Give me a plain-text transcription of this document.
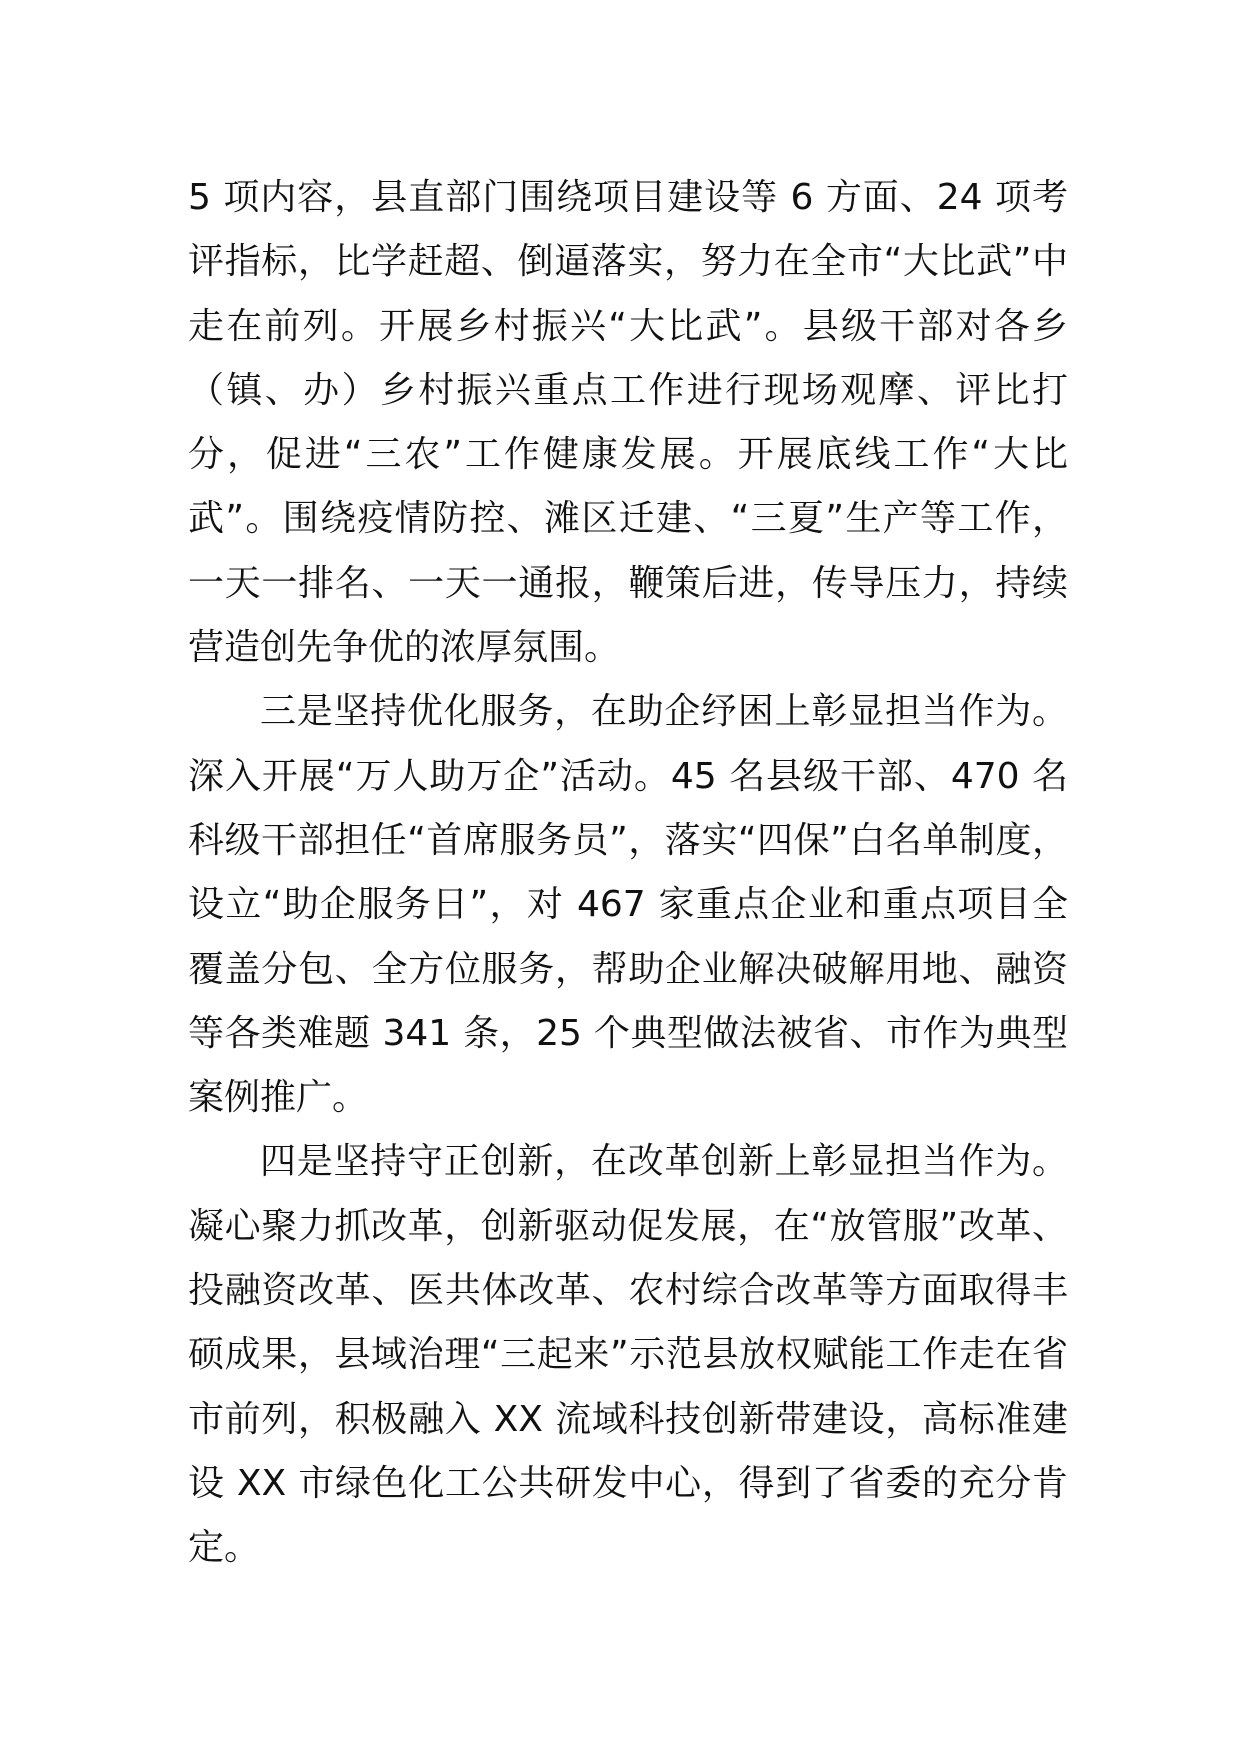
5 项内容，县直部门围绕项目建设等 6 方面、24 项考评指标，比学赶超、倒逼落实，努力在全市“大比武”中走在前列。开展乡村振兴“大比武”。县级干部对各乡（镇、办）乡村振兴重点工作进行现场观摩、评比打分，促进“三农”工作健康发展。开展底线工作“大比武”。围绕疫情防控、滩区迁建、“三夏”生产等工作，一天一排名、一天一通报，鞭策后进，传导压力，持续营造创先争优的浓厚氛围。

三是坚持优化服务，在助企纾困上彰显担当作为。深入开展“万人助万企”活动。45 名县级干部、470 名科级干部担任“首席服务员”，落实“四保”白名单制度，设立“助企服务日”，对 467 家重点企业和重点项目全覆盖分包、全方位服务，帮助企业解决破解用地、融资等各类难题 341 条，25 个典型做法被省、市作为典型案例推广。

四是坚持守正创新，在改革创新上彰显担当作为。凝心聚力抓改革，创新驱动促发展，在“放管服”改革、投融资改革、医共体改革、农村综合改革等方面取得丰硕成果，县域治理“三起来”示范县放权赋能工作走在省市前列，积极融入 XX 流域科技创新带建设，高标准建设 XX 市绿色化工公共研发中心，得到了省委的充分肯定。
